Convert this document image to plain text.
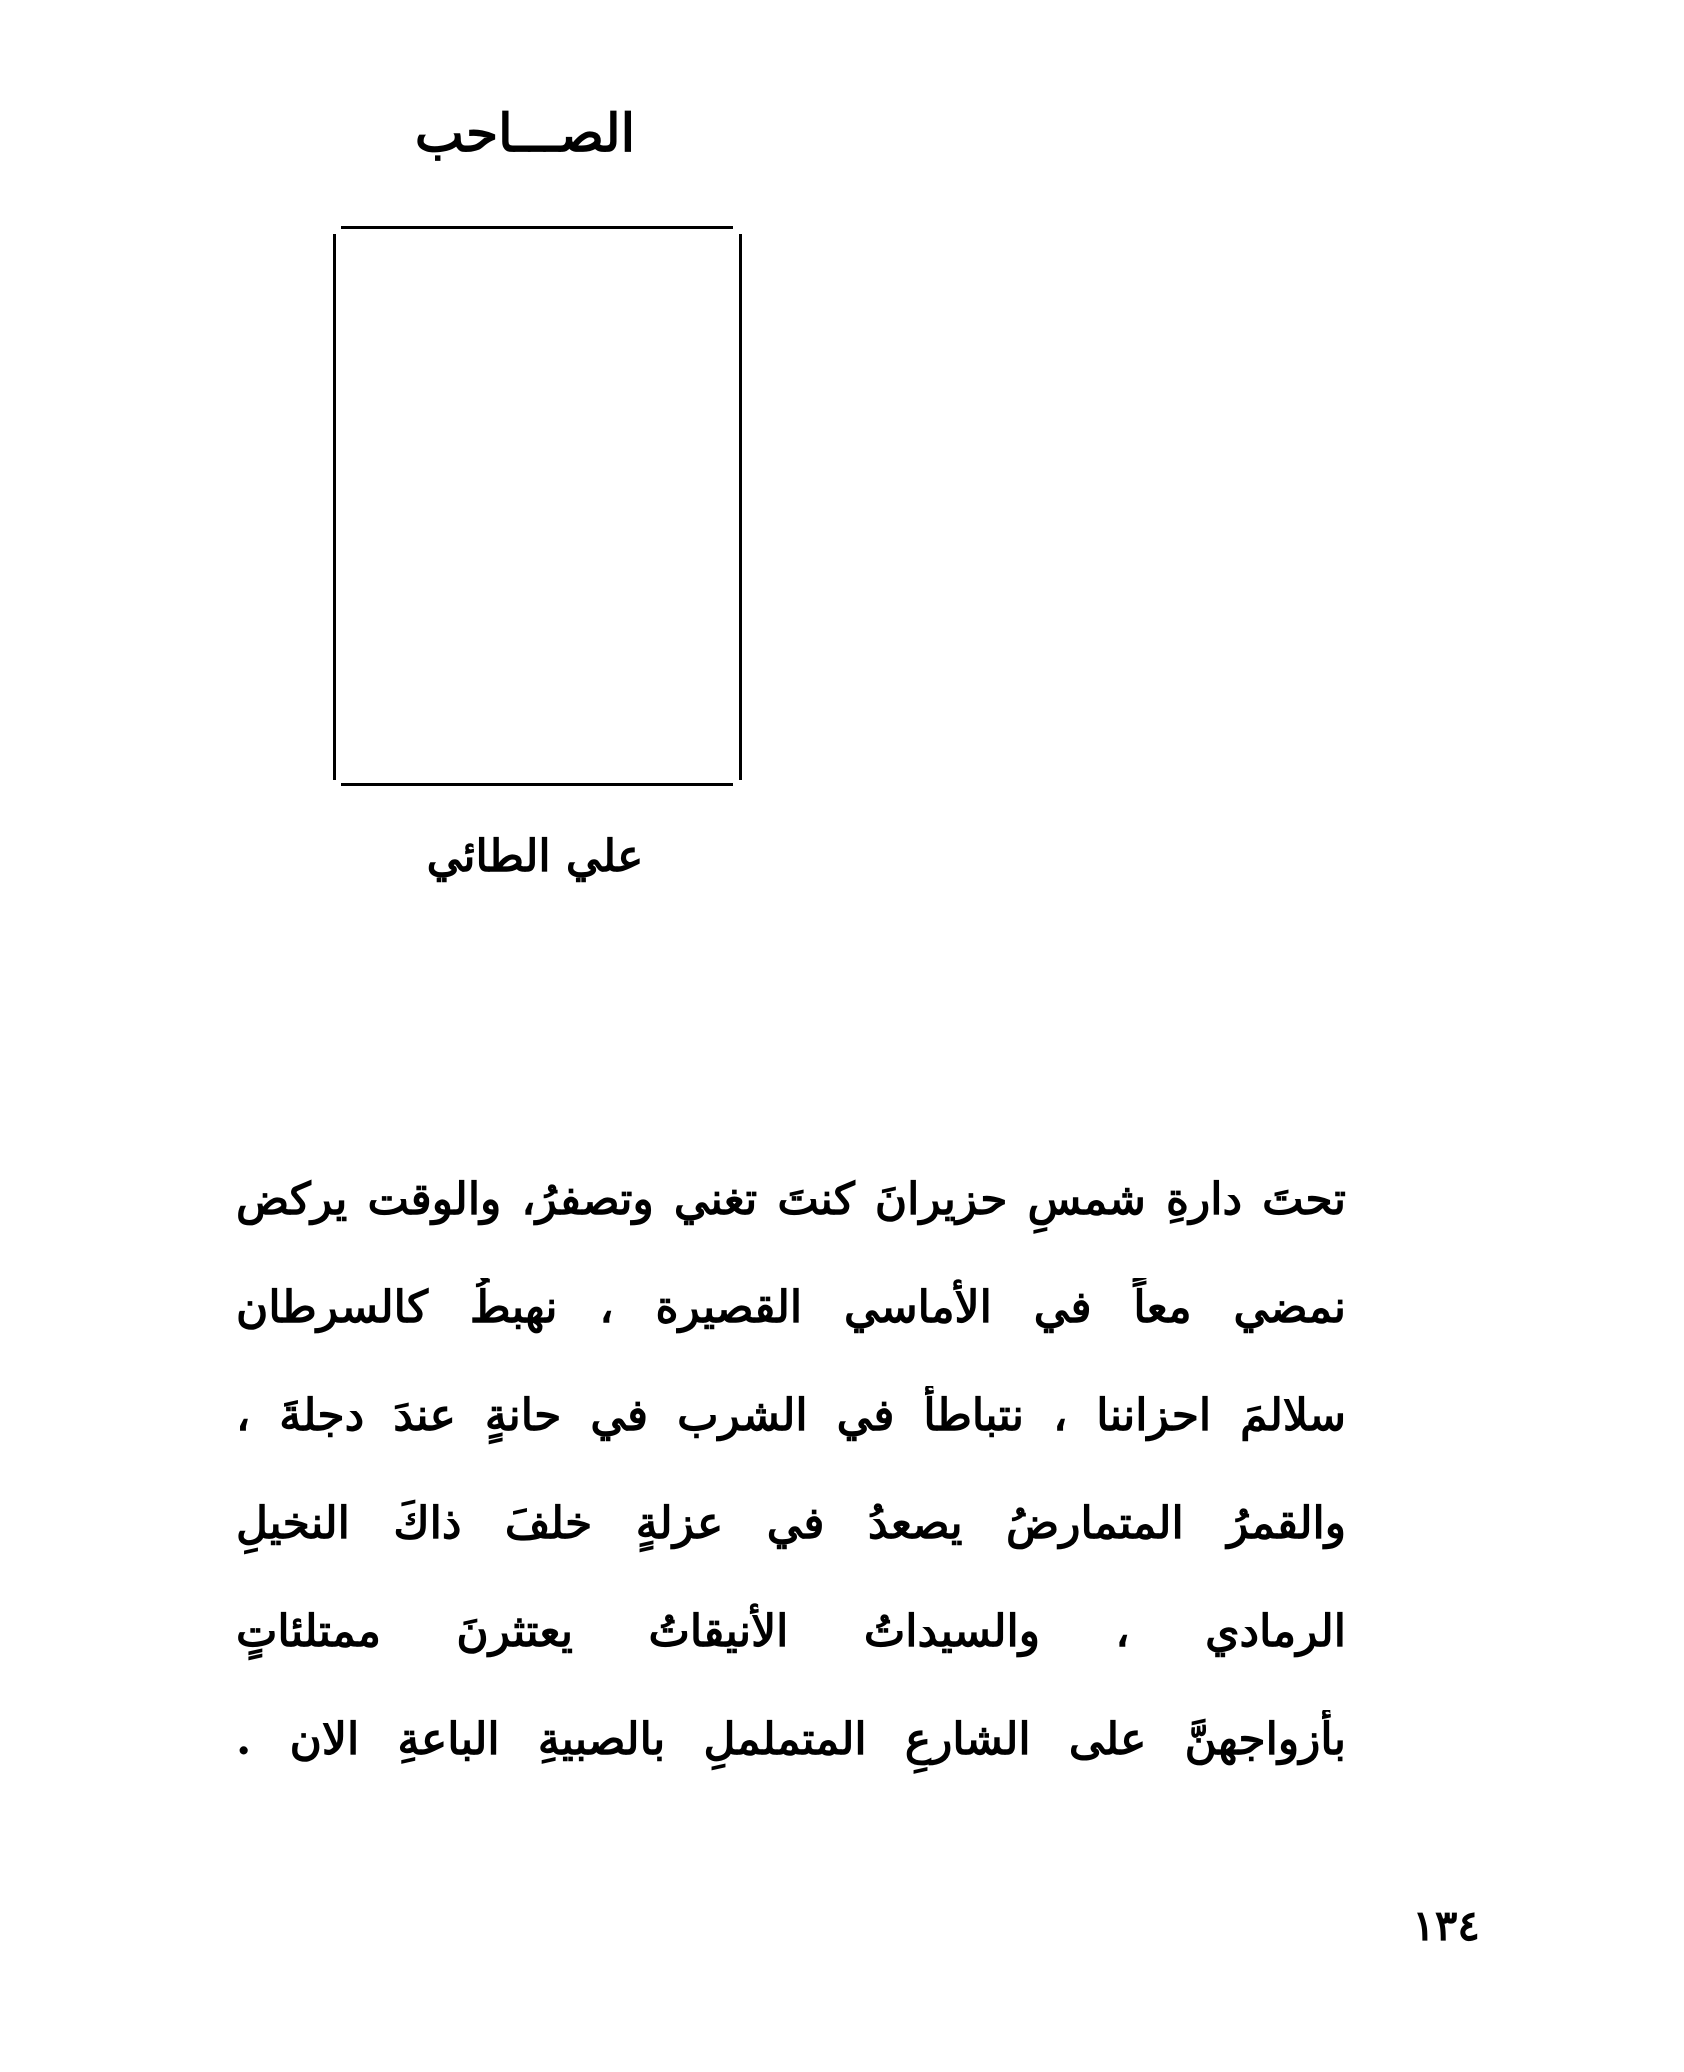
الصـــاحب
علي الطائي
تحتَ دارةِ شمسِ حزيرانَ كنتَ تغني وتصفرُ، والوقت يركض
نمضي معاً في الأماسي القصيرة ، نهبطُ كالسرطان
سلالمَ احزاننا ، نتباطأ في الشرب في حانةٍ عندَ دجلةَ ،
والقمرُ المتمارضُ يصعدُ في عزلةٍ خلفَ ذاكَ النخيلِ
الرمادي ، والسيداتُ الأنيقاتُ يعتثرنَ ممتلئاتٍ
بأزواجهنَّ على الشارعِ المتململِ بالصبيةِ الباعةِ الان .
١٣٤
